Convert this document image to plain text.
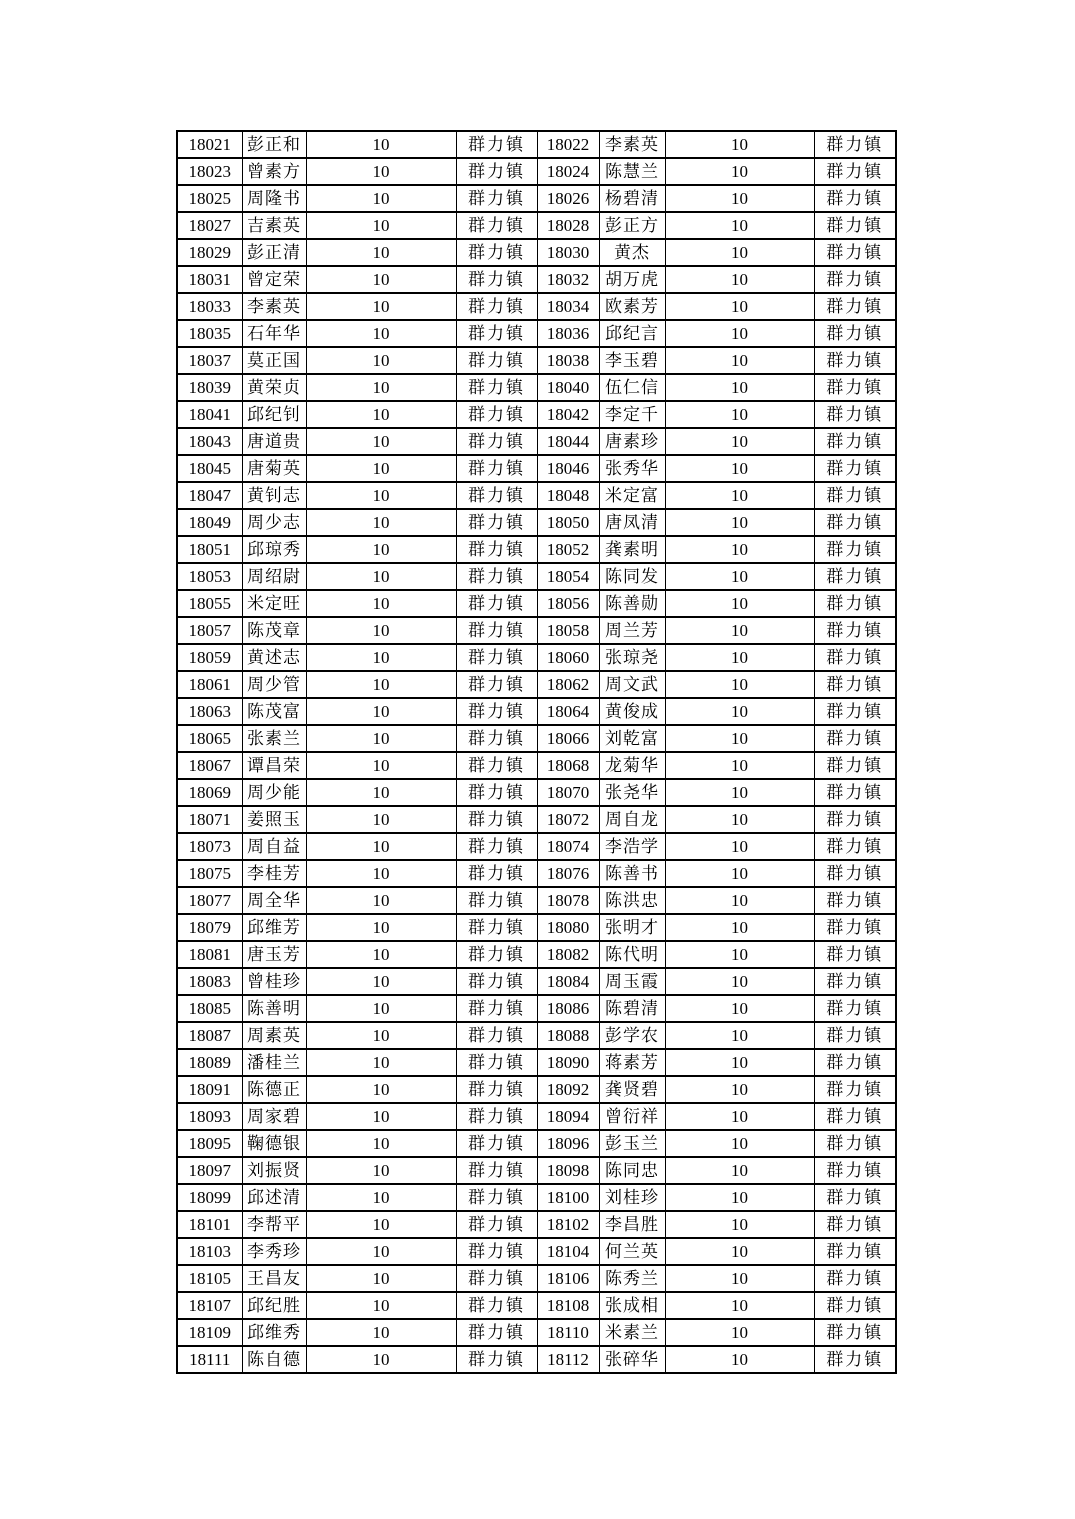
18021	彭正和	10	群力镇	18022	李素英	10	群力镇
18023	曾素方	10	群力镇	18024	陈慧兰	10	群力镇
18025	周隆书	10	群力镇	18026	杨碧清	10	群力镇
18027	吉素英	10	群力镇	18028	彭正方	10	群力镇
18029	彭正清	10	群力镇	18030	黄杰	10	群力镇
18031	曾定荣	10	群力镇	18032	胡万虎	10	群力镇
18033	李素英	10	群力镇	18034	欧素芳	10	群力镇
18035	石年华	10	群力镇	18036	邱纪言	10	群力镇
18037	莫正国	10	群力镇	18038	李玉碧	10	群力镇
18039	黄荣贞	10	群力镇	18040	伍仁信	10	群力镇
18041	邱纪钊	10	群力镇	18042	李定千	10	群力镇
18043	唐道贵	10	群力镇	18044	唐素珍	10	群力镇
18045	唐菊英	10	群力镇	18046	张秀华	10	群力镇
18047	黄钊志	10	群力镇	18048	米定富	10	群力镇
18049	周少志	10	群力镇	18050	唐凤清	10	群力镇
18051	邱琼秀	10	群力镇	18052	龚素明	10	群力镇
18053	周绍尉	10	群力镇	18054	陈同发	10	群力镇
18055	米定旺	10	群力镇	18056	陈善勋	10	群力镇
18057	陈茂章	10	群力镇	18058	周兰芳	10	群力镇
18059	黄述志	10	群力镇	18060	张琼尧	10	群力镇
18061	周少管	10	群力镇	18062	周文武	10	群力镇
18063	陈茂富	10	群力镇	18064	黄俊成	10	群力镇
18065	张素兰	10	群力镇	18066	刘乾富	10	群力镇
18067	谭昌荣	10	群力镇	18068	龙菊华	10	群力镇
18069	周少能	10	群力镇	18070	张尧华	10	群力镇
18071	姜照玉	10	群力镇	18072	周自龙	10	群力镇
18073	周自益	10	群力镇	18074	李浩学	10	群力镇
18075	李桂芳	10	群力镇	18076	陈善书	10	群力镇
18077	周全华	10	群力镇	18078	陈洪忠	10	群力镇
18079	邱维芳	10	群力镇	18080	张明才	10	群力镇
18081	唐玉芳	10	群力镇	18082	陈代明	10	群力镇
18083	曾桂珍	10	群力镇	18084	周玉霞	10	群力镇
18085	陈善明	10	群力镇	18086	陈碧清	10	群力镇
18087	周素英	10	群力镇	18088	彭学农	10	群力镇
18089	潘桂兰	10	群力镇	18090	蒋素芳	10	群力镇
18091	陈德正	10	群力镇	18092	龚贤碧	10	群力镇
18093	周家碧	10	群力镇	18094	曾衍祥	10	群力镇
18095	鞠德银	10	群力镇	18096	彭玉兰	10	群力镇
18097	刘振贤	10	群力镇	18098	陈同忠	10	群力镇
18099	邱述清	10	群力镇	18100	刘桂珍	10	群力镇
18101	李帮平	10	群力镇	18102	李昌胜	10	群力镇
18103	李秀珍	10	群力镇	18104	何兰英	10	群力镇
18105	王昌友	10	群力镇	18106	陈秀兰	10	群力镇
18107	邱纪胜	10	群力镇	18108	张成相	10	群力镇
18109	邱维秀	10	群力镇	18110	米素兰	10	群力镇
18111	陈自德	10	群力镇	18112	张碎华	10	群力镇
